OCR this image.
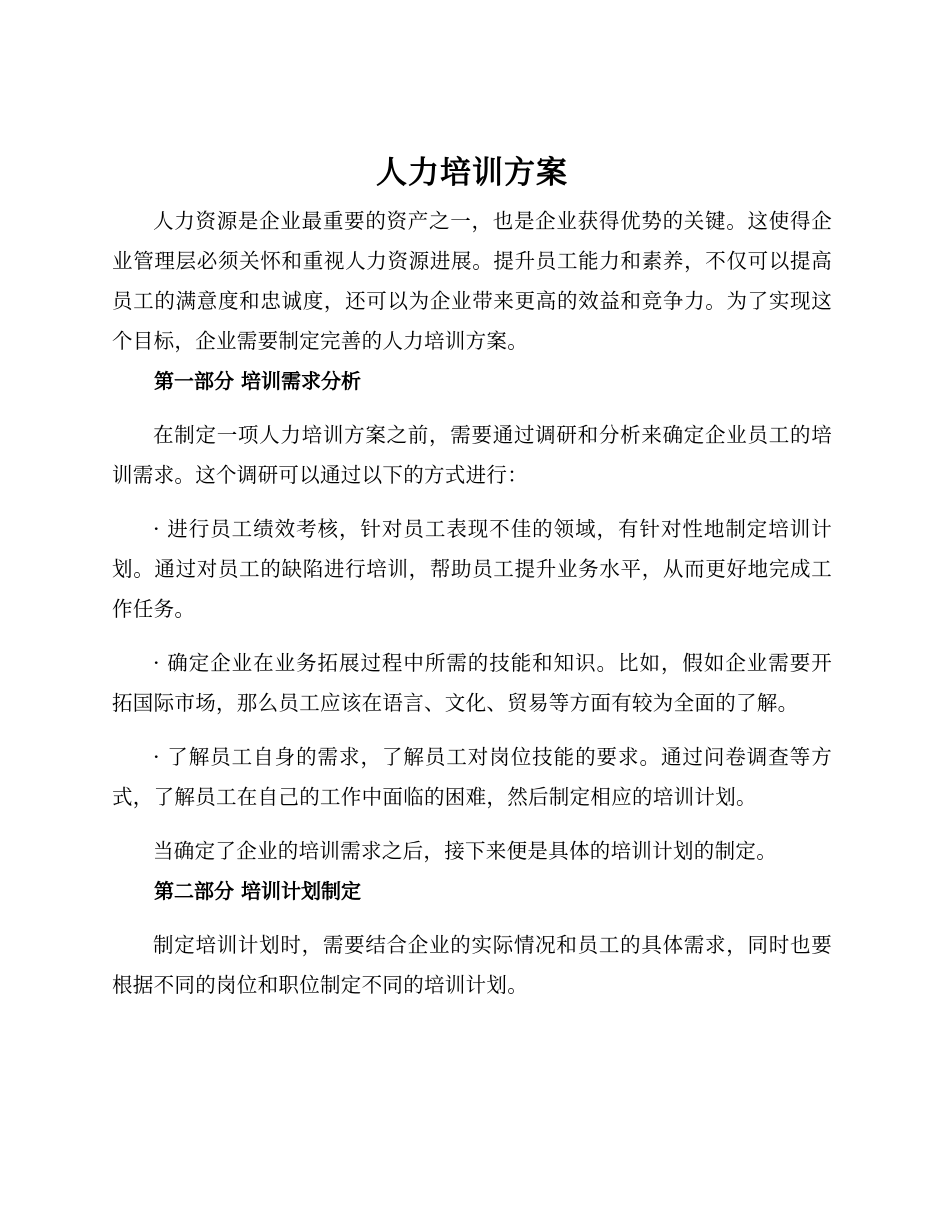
人力培训方案

人力资源是企业最重要的资产之一，也是企业获得优势的关键。这使得企业管理层必须关怀和重视人力资源进展。提升员工能力和素养，不仅可以提高员工的满意度和忠诚度，还可以为企业带来更高的效益和竞争力。为了实现这个目标，企业需要制定完善的人力培训方案。

第一部分 培训需求分析

在制定一项人力培训方案之前，需要通过调研和分析来确定企业员工的培训需求。这个调研可以通过以下的方式进行：

· 进行员工绩效考核，针对员工表现不佳的领域，有针对性地制定培训计划。通过对员工的缺陷进行培训，帮助员工提升业务水平，从而更好地完成工作任务。

· 确定企业在业务拓展过程中所需的技能和知识。比如，假如企业需要开拓国际市场，那么员工应该在语言、文化、贸易等方面有较为全面的了解。

· 了解员工自身的需求，了解员工对岗位技能的要求。通过问卷调查等方式，了解员工在自己的工作中面临的困难，然后制定相应的培训计划。

当确定了企业的培训需求之后，接下来便是具体的培训计划的制定。

第二部分 培训计划制定

制定培训计划时，需要结合企业的实际情况和员工的具体需求，同时也要根据不同的岗位和职位制定不同的培训计划。
